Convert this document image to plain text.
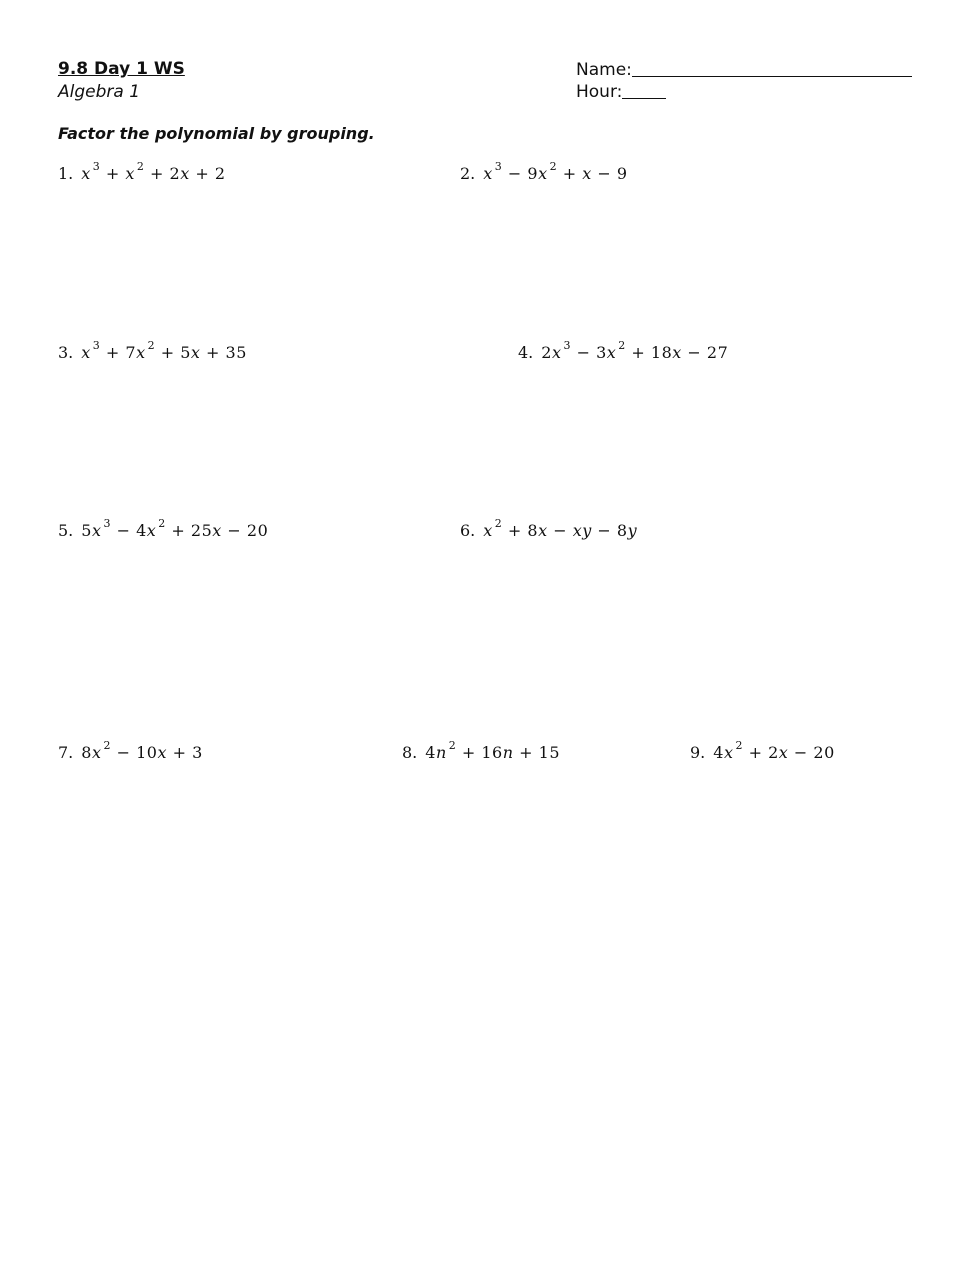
9.8 Day 1 WS
Algebra 1
Name:
Hour:
Factor the polynomial by grouping.
1. x $^3$ + x $^2$ + 2x + 2	2. x $^3$ − 9x $^2$ + x − 9
3. x $^3$ + 7x $^2$ + 5x + 35	4. 2x $^3$ − 3x $^2$ + 18x − 27
5. 5x $^3$ − 4x $^2$ + 25x − 20	6. x $^2$ + 8x − xy − 8y
7. 8x $^2$ − 10x + 3	8. 4n $^2$ + 16n + 15	9. 4x $^2$ + 2x − 20
